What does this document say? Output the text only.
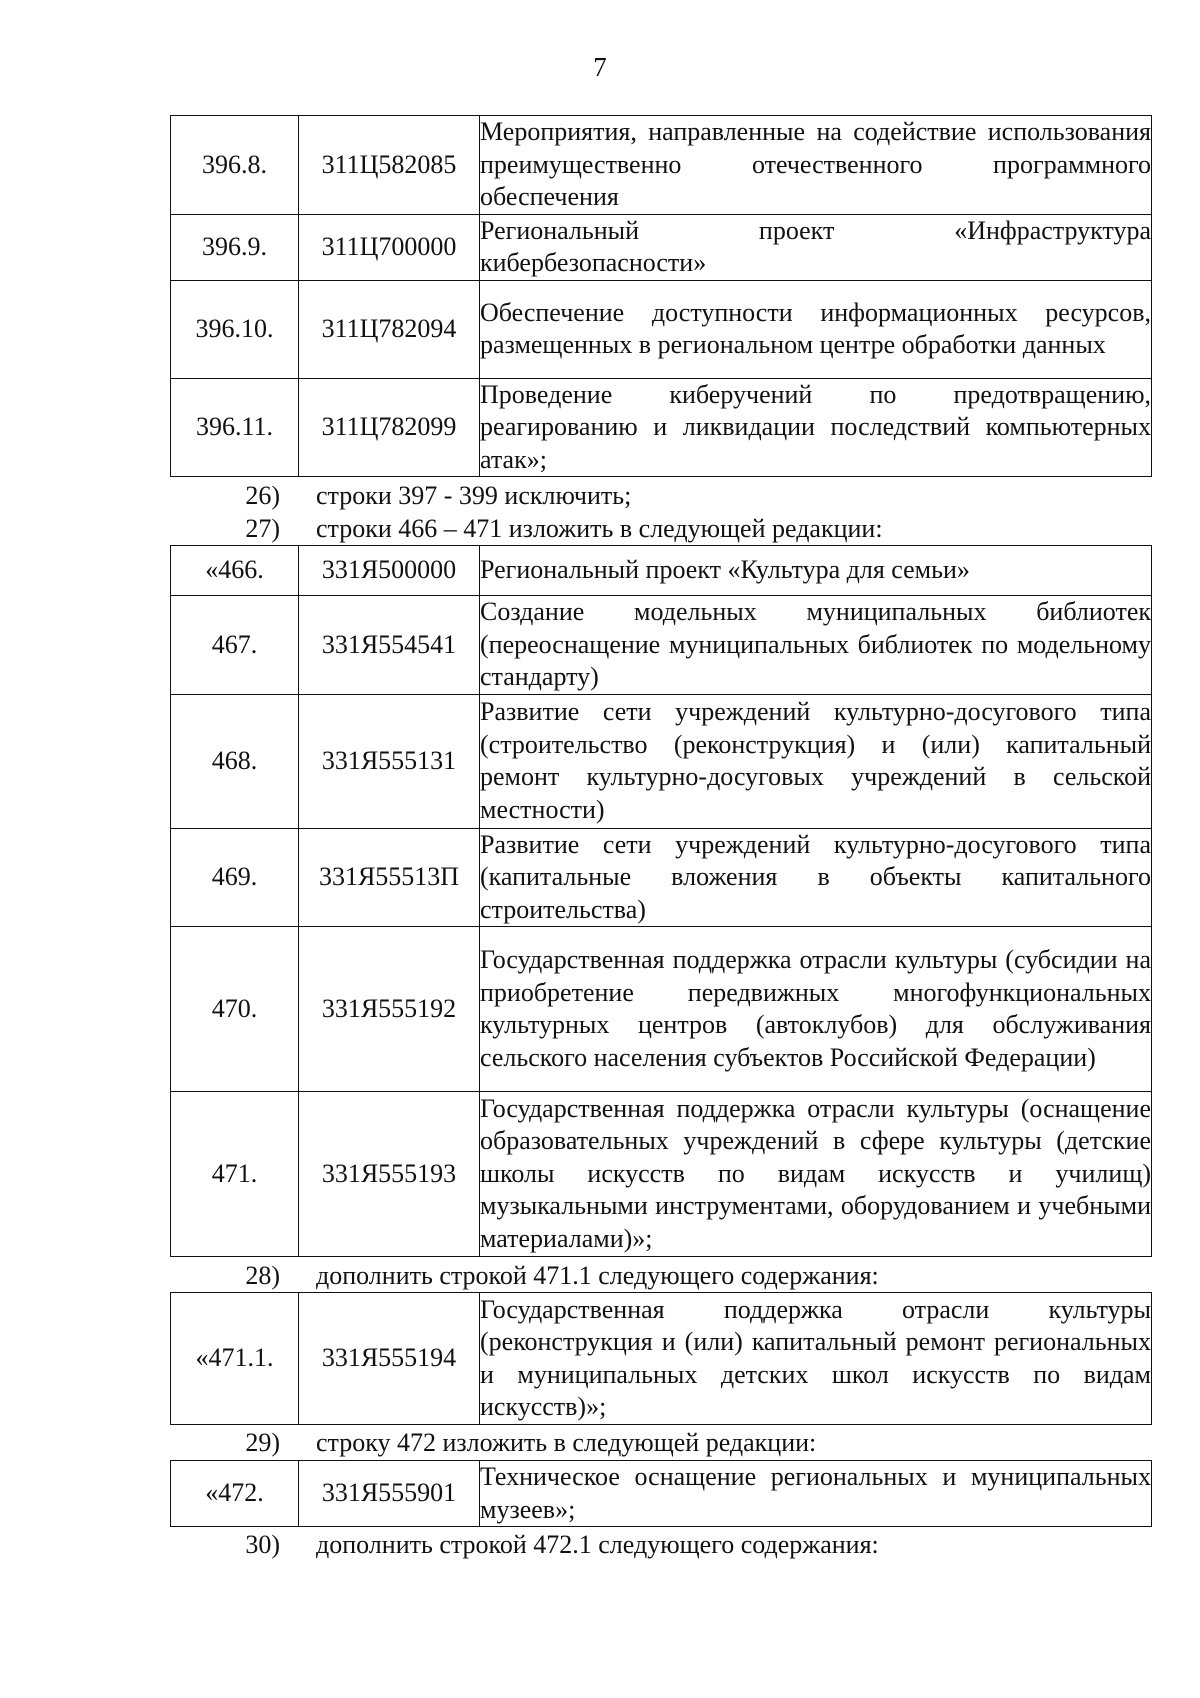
7
396.8.	311Ц582085	Мероприятия, направленные на содействие использования преимущественно отечественного программного обеспечения
396.9.	311Ц700000	Региональный проект «Инфраструктура кибербезопасности»
396.10.	311Ц782094	Обеспечение доступности информационных ресурсов, размещенных в региональном центре обработки данных
396.11.	311Ц782099	Проведение киберучений по предотвращению, реагированию и ликвидации последствий компьютерных атак»;
26) строки 397 - 399 исключить;
27) строки 466 – 471 изложить в следующей редакции:
«466.	331Я500000	Региональный проект «Культура для семьи»
467.	331Я554541	Создание модельных муниципальных библиотек (переоснащение муниципальных библиотек по модельному стандарту)
468.	331Я555131	Развитие сети учреждений культурно-досугового типа (строительство (реконструкция) и (или) капитальный ремонт культурно-досуговых учреждений в сельской местности)
469.	331Я55513П	Развитие сети учреждений культурно-досугового типа (капитальные вложения в объекты капитального строительства)
470.	331Я555192	Государственная поддержка отрасли культуры (субсидии на приобретение передвижных многофункциональных культурных центров (автоклубов) для обслуживания сельского населения субъектов Российской Федерации)
471.	331Я555193	Государственная поддержка отрасли культуры (оснащение образовательных учреждений в сфере культуры (детские школы искусств по видам искусств и училищ) музыкальными инструментами, оборудованием и учебными материалами)»;
28) дополнить строкой 471.1 следующего содержания:
«471.1.	331Я555194	Государственная поддержка отрасли культуры (реконструкция и (или) капитальный ремонт региональных и муниципальных детских школ искусств по видам искусств)»;
29) строку 472 изложить в следующей редакции:
«472.	331Я555901	Техническое оснащение региональных и муниципальных музеев»;
30) дополнить строкой 472.1 следующего содержания:
